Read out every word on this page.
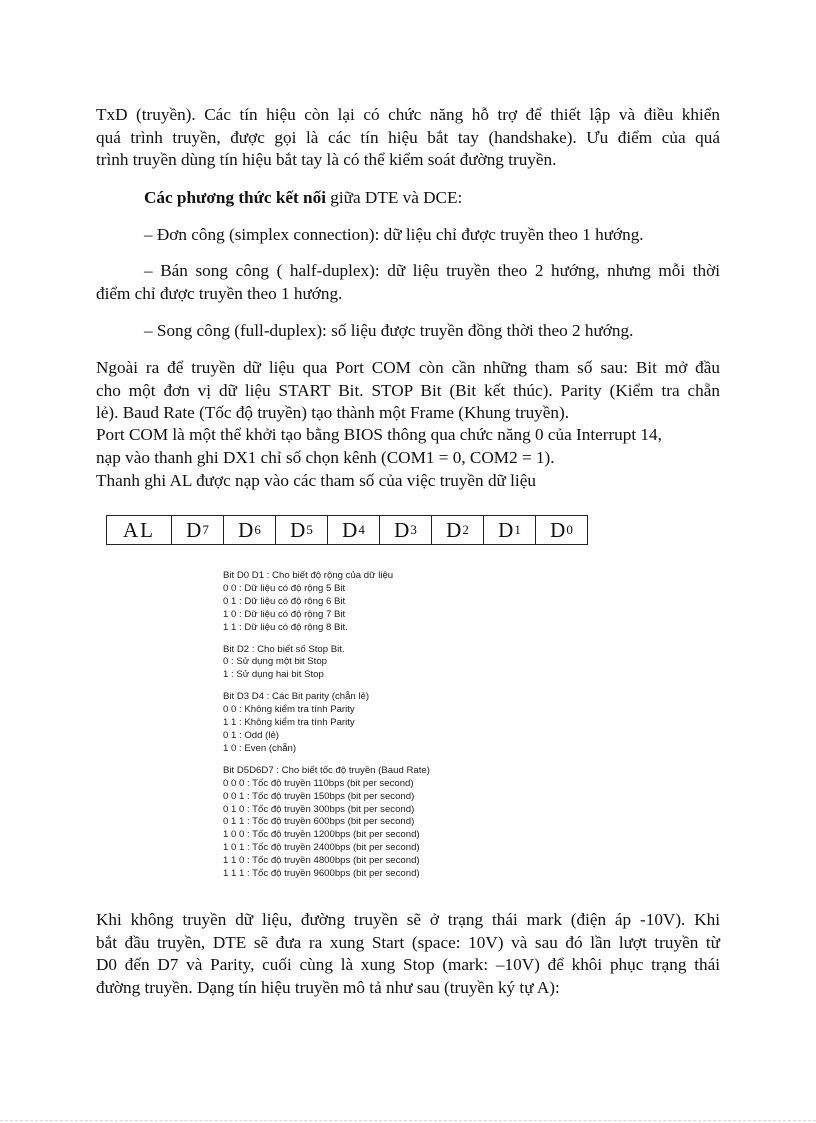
TxD (truyền). Các tín hiệu còn lại có chức năng hỗ trợ để thiết lập và điều khiển
quá trình truyền, được gọi là các tín hiệu bắt tay (handshake). Ưu điểm của quá
trình truyền dùng tín hiệu bắt tay là có thể kiểm soát đường truyền.

Các phương thức kết nối giữa DTE và DCE:

– Đơn công (simplex connection): dữ liệu chỉ được truyền theo 1 hướng.

– Bán song công ( half-duplex): dữ liệu truyền theo 2 hướng, nhưng mỗi thời
điểm chỉ được truyền theo 1 hướng.

– Song công (full-duplex): số liệu được truyền đồng thời theo 2 hướng.

Ngoài ra để truyền dữ liệu qua Port COM còn cần những tham số sau: Bit mở đầu
cho một đơn vị dữ liệu START Bit. STOP Bit (Bit kết thúc). Parity (Kiểm tra chẵn
lẻ). Baud Rate (Tốc độ truyền) tạo thành một Frame (Khung truyền).

Port COM là một thể khởi tạo bằng BIOS thông qua chức năng 0 của Interrupt 14,
nạp vào thanh ghi DX1 chỉ số chọn kênh (COM1 = 0, COM2 = 1).

Thanh ghi AL được nạp vào các tham số của việc truyền dữ liệu

AL	D 7 D 6 D 5 D 4 D 3 D 2 D 1 D 0
Bit D0 D1 : Cho biết độ rộng của dữ liệu
0 0 : Dữ liệu có độ rộng 5 Bit
0 1 : Dữ liệu có độ rộng 6 Bit
1 0 : Dữ liệu có độ rộng 7 Bit
1 1 : Dữ liệu có độ rộng 8 Bit.
Bit D2 : Cho biết số Stop Bit.
0 : Sử dụng một bit Stop
1 : Sử dụng hai bit Stop
Bit D3 D4 : Các Bit parity (chẵn lẻ)
0 0 : Không kiểm tra tính Parity
1 1 : Không kiểm tra tính Parity
0 1 : Odd (lẻ)
1 0 : Even (chẵn)
Bit D5D6D7 : Cho biết tốc độ truyền (Baud Rate)
0 0 0 : Tốc độ truyền 110bps (bit per second)
0 0 1 : Tốc độ truyền 150bps (bit per second)
0 1 0 : Tốc độ truyền 300bps (bit per second)
0 1 1 : Tốc độ truyền 600bps (bit per second)
1 0 0 : Tốc độ truyền 1200bps (bit per second)
1 0 1 : Tốc độ truyền 2400bps (bit per second)
1 1 0 : Tốc độ truyền 4800bps (bit per second)
1 1 1 : Tốc độ truyền 9600bps (bit per second)

Khi không truyền dữ liệu, đường truyền sẽ ở trạng thái mark (điện áp -10V). Khi
bắt đầu truyền, DTE sẽ đưa ra xung Start (space: 10V) và sau đó lần lượt truyền từ
D0 đến D7 và Parity, cuối cùng là xung Stop (mark: –10V) để khôi phục trạng thái
đường truyền. Dạng tín hiệu truyền mô tả như sau (truyền ký tự A):
